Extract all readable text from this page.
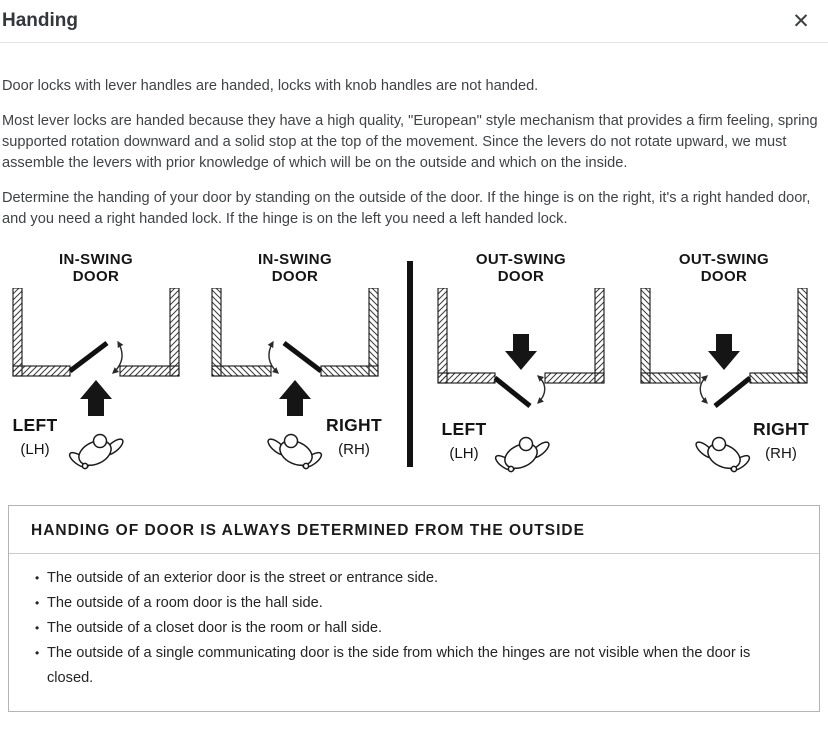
Handing	✕

Door locks with lever handles are handed, locks with knob handles are not handed.

Most lever locks are handed because they have a high quality, "European" style mechanism that provides a firm feeling, spring supported rotation downward and a solid stop at the top of the movement. Since the levers do not rotate upward, we must assemble the levers with prior knowledge of which will be on the outside and which on the inside.

Determine the handing of your door by standing on the outside of the door. If the hinge is on the right, it's a right handed door, and you need a right handed lock. If the hinge is on the left you need a left handed lock.

IN-SWING
DOOR
LEFT
(LH)
IN-SWING
DOOR
RIGHT
(RH)
OUT-SWING
DOOR
LEFT
(LH)
OUT-SWING
DOOR
RIGHT
(RH)
HANDING OF DOOR IS ALWAYS DETERMINED FROM THE OUTSIDE
• The outside of an exterior door is the street or entrance side.
• The outside of a room door is the hall side.
• The outside of a closet door is the room or hall side.
• The outside of a single communicating door is the side from which the hinges are not visible when the door is closed.
